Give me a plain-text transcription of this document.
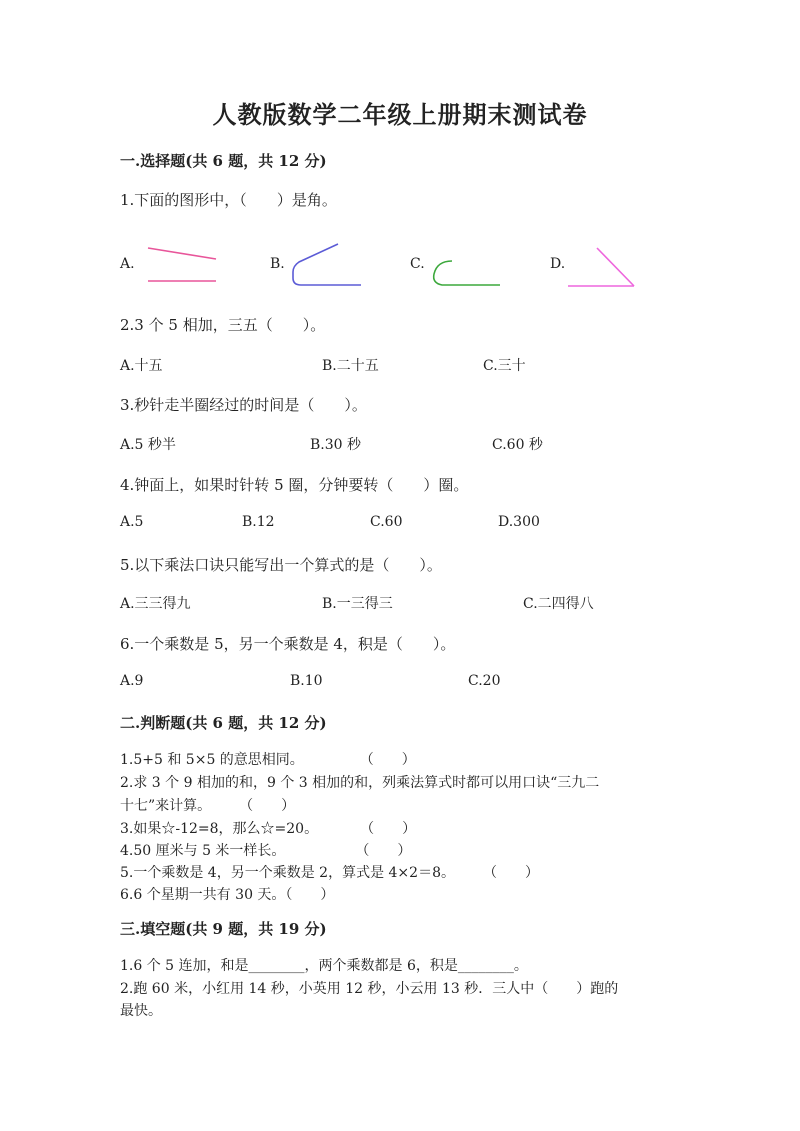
人教版数学二年级上册期末测试卷
一.选择题(共 6 题，共 12 分)
1.下面的图形中，（　　）是角。
A.	B.	C.	D.
2.3 个 5 相加，三五（　　）。
A.十五	B.二十五	C.三十
3.秒针走半圈经过的时间是（　　）。
A.5 秒半	B.30 秒	C.60 秒
4.钟面上，如果时针转 5 圈，分钟要转（　　）圈。
A.5	B.12	C.60	D.300
5.以下乘法口诀只能写出一个算式的是（　　）。
A.三三得九	B.一三得三	C.二四得八
6.一个乘数是 5，另一个乘数是 4，积是（　　）。
A.9	B.10	C.20
二.判断题(共 6 题，共 12 分)
1.5+5 和 5×5 的意思相同。　　　　　（　　）
2.求 3 个 9 相加的和，9 个 3 相加的和，列乘法算式时都可以用口诀“三九二
十七”来计算。　　　（　　）
3.如果☆-12=8，那么☆=20。　　　　（　　）
4.50 厘米与 5 米一样长。　　　　　　（　　）
5.一个乘数是 4，另一个乘数是 2，算式是 4×2＝8。　　　（　　）
6.6 个星期一共有 30 天。（　　）
三.填空题(共 9 题，共 19 分)
1.6 个 5 连加，和是________，两个乘数都是 6，积是________。
2.跑 60 米，小红用 14 秒，小英用 12 秒，小云用 13 秒．三人中（　　）跑的
最快。
